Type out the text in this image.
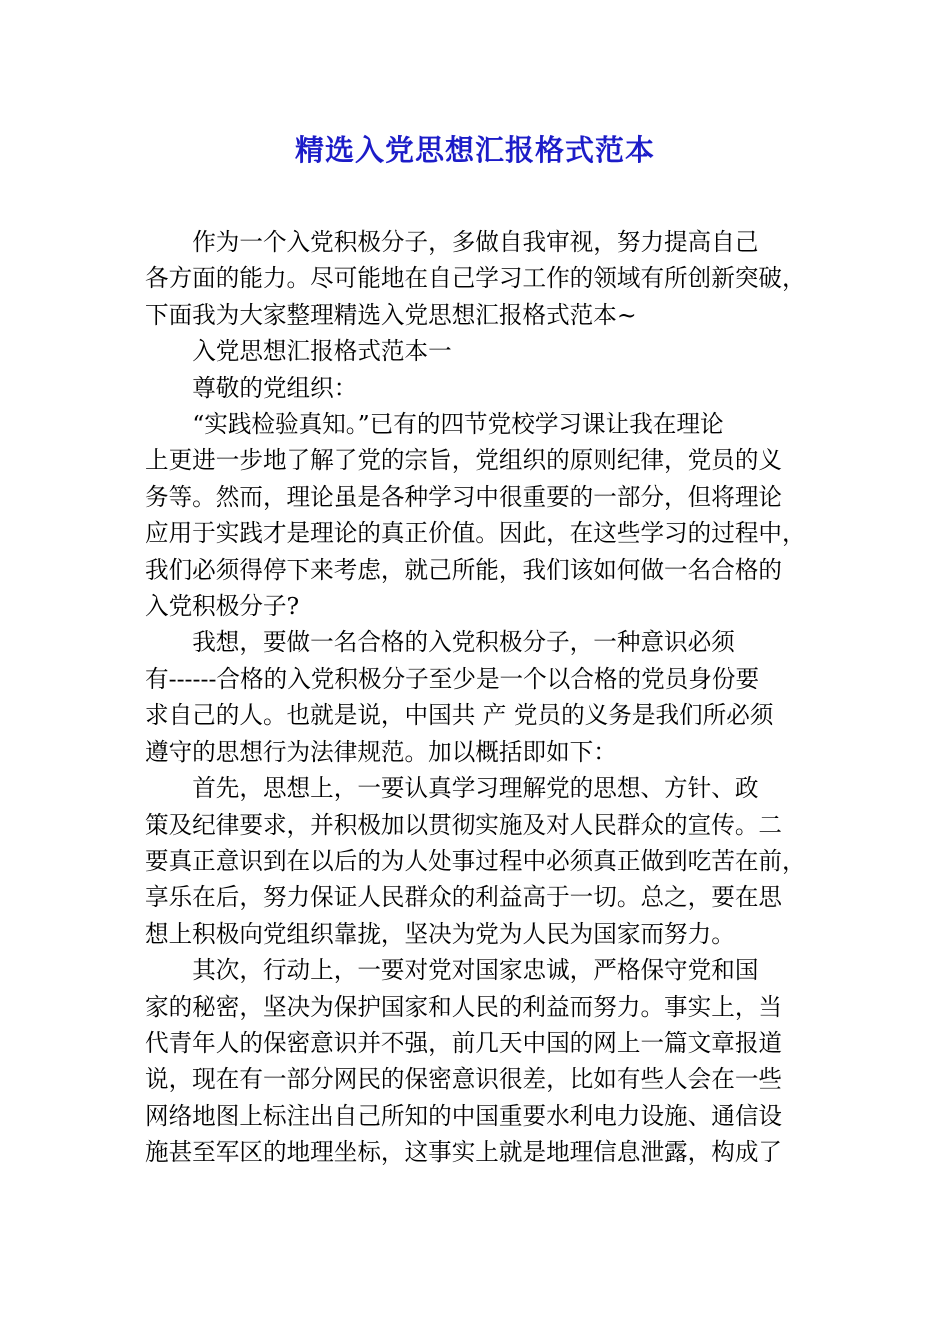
精选入党思想汇报格式范本

作为一个入党积极分子，多做自我审视，努力提高自己
各方面的能力。尽可能地在自己学习工作的领域有所创新突破，
下面我为大家整理精选入党思想汇报格式范本~

入党思想汇报格式范本一

尊敬的党组织：

“实践检验真知。”已有的四节党校学习课让我在理论
上更进一步地了解了党的宗旨，党组织的原则纪律，党员的义
务等。然而，理论虽是各种学习中很重要的一部分，但将理论
应用于实践才是理论的真正价值。因此，在这些学习的过程中，
我们必须得停下来考虑，就己所能，我们该如何做一名合格的
入党积极分子?

我想，要做一名合格的入党积极分子，一种意识必须
有------合格的入党积极分子至少是一个以合格的党员身份要
求自己的人。也就是说，中国共 产 党员的义务是我们所必须
遵守的思想行为法律规范。加以概括即如下：

首先，思想上，一要认真学习理解党的思想、方针、政
策及纪律要求，并积极加以贯彻实施及对人民群众的宣传。二
要真正意识到在以后的为人处事过程中必须真正做到吃苦在前，
享乐在后，努力保证人民群众的利益高于一切。总之，要在思
想上积极向党组织靠拢，坚决为党为人民为国家而努力。

其次，行动上，一要对党对国家忠诚，严格保守党和国
家的秘密，坚决为保护国家和人民的利益而努力。事实上，当
代青年人的保密意识并不强，前几天中国的网上一篇文章报道
说，现在有一部分网民的保密意识很差，比如有些人会在一些
网络地图上标注出自己所知的中国重要水利电力设施、通信设
施甚至军区的地理坐标，这事实上就是地理信息泄露，构成了
